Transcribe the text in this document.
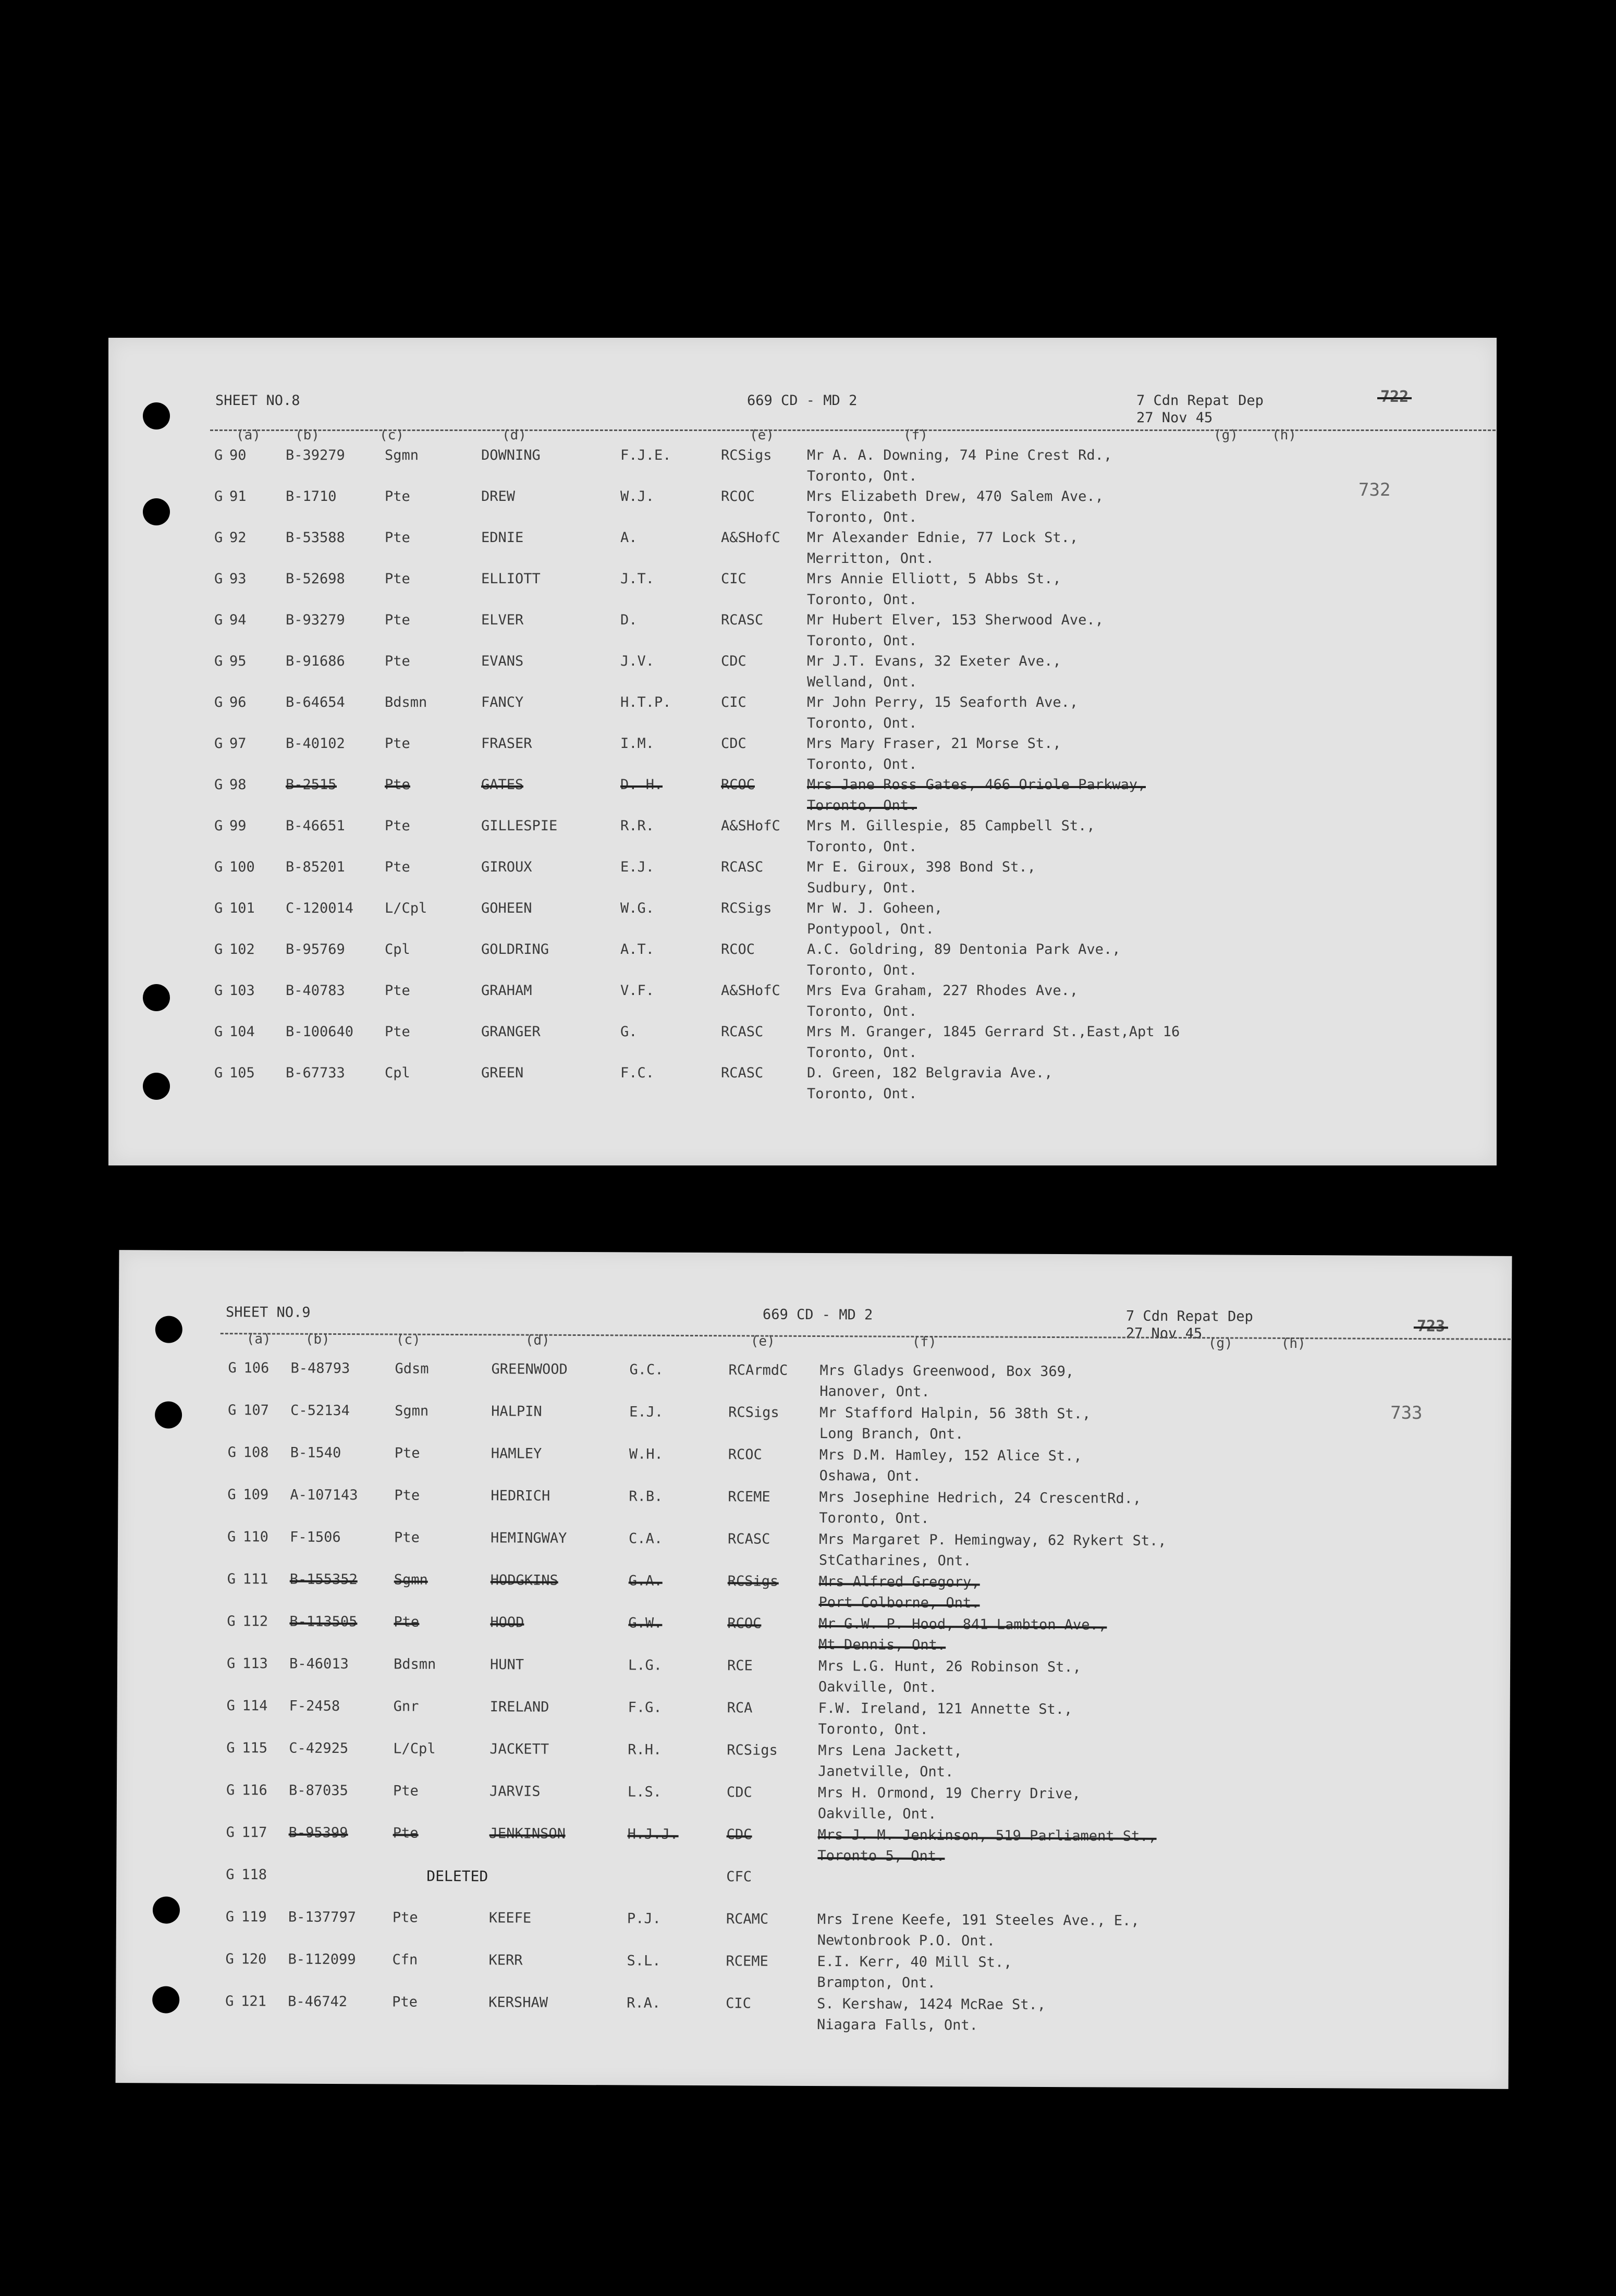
SHEET NO.8	669 CD - MD 2	7 Cdn Repat Dep
27 Nov 45
722
(a)	(b)	(c)	(d)	(e)	(f)	(g)	(h)
732
G 90	B-39279	Sgmn	DOWNING	F.J.E.	RCSigs Mr A. A. Downing, 74 Pine Crest Rd.,
Toronto, Ont.
G 91	B-1710	Pte	DREW	W.J.	RCOC	Mrs Elizabeth Drew, 470 Salem Ave.,
Toronto, Ont.
G 92	B-53588	Pte	EDNIE	A.	A&SHofC Mr Alexander Ednie, 77 Lock St.,
Merritton, Ont.
G 93	B-52698	Pte	ELLIOTT	J.T.	CIC	Mrs Annie Elliott, 5 Abbs St.,
Toronto, Ont.
G 94	B-93279	Pte	ELVER	D.	RCASC	Mr Hubert Elver, 153 Sherwood Ave.,
Toronto, Ont.
G 95	B-91686	Pte	EVANS	J.V.	CDC	Mr J.T. Evans, 32 Exeter Ave.,
Welland, Ont.
G 96	B-64654	Bdsmn	FANCY	H.T.P.	CIC	Mr John Perry, 15 Seaforth Ave.,
Toronto, Ont.
G 97	B-40102	Pte	FRASER	I.M.	CDC	Mrs Mary Fraser, 21 Morse St.,
Toronto, Ont.
G 98	B-2515	Pte	GATES	D. H.	RCOC	Mrs Jane Ross Gates, 466 Oriole Parkway,
Toronto, Ont.
G 99	B-46651	Pte	GILLESPIE	R.R.	A&SHofC Mrs M. Gillespie, 85 Campbell St.,
Toronto, Ont.
G 100 B-85201	Pte	GIROUX	E.J.	RCASC	Mr E. Giroux, 398 Bond St.,
Sudbury, Ont.
G 101 C-120014 L/Cpl	GOHEEN	W.G.	RCSigs Mr W. J. Goheen,
Pontypool, Ont.
G 102 B-95769	Cpl	GOLDRING	A.T.	RCOC	A.C. Goldring, 89 Dentonia Park Ave.,
Toronto, Ont.
G 103 B-40783	Pte	GRAHAM	V.F.	A&SHofC Mrs Eva Graham, 227 Rhodes Ave.,
Toronto, Ont.
G 104 B-100640 Pte	GRANGER	G.	RCASC	Mrs M. Granger, 1845 Gerrard St.,East,Apt 16
Toronto, Ont.
G 105 B-67733	Cpl	GREEN	F.C.	RCASC	D. Green, 182 Belgravia Ave.,
Toronto, Ont.
SHEET NO.9	669 CD - MD 2	7 Cdn Repat Dep
27 Nov 45	723
(a)	(b)	(c)	(d)	(e)	(f)	(g)	(h)
733
G 106 B-48793	Gdsm	GREENWOOD	G.C.	RCArmdC Mrs Gladys Greenwood, Box 369,
Hanover, Ont.
G 107 C-52134	Sgmn	HALPIN	E.J.	RCSigs	Mr Stafford Halpin, 56 38th St.,
Long Branch, Ont.
G 108 B-1540	Pte	HAMLEY	W.H.	RCOC	Mrs D.M. Hamley, 152 Alice St.,
Oshawa, Ont.
G 109 A-107143	Pte	HEDRICH	R.B.	RCEME	Mrs Josephine Hedrich, 24 CrescentRd.,
Toronto, Ont.
G 110 F-1506	Pte	HEMINGWAY	C.A.	RCASC	Mrs Margaret P. Hemingway, 62 Rykert St.,
StCatharines, Ont.
G 111 B-155352	Sgmn	HODGKINS	G.A.	RCSigs	Mrs Alfred Gregory,
Port Colborne, Ont.
G 112 B-113505	Pte	HOOD	G.W.	RCOC	Mr G.W. P. Hood, 841 Lambton Ave.,
Mt Dennis, Ont.
G 113 B-46013	Bdsmn	HUNT	L.G.	RCE	Mrs L.G. Hunt, 26 Robinson St.,
Oakville, Ont.
G 114 F-2458	Gnr	IRELAND	F.G.	RCA	F.W. Ireland, 121 Annette St.,
Toronto, Ont.
G 115 C-42925	L/Cpl	JACKETT	R.H.	RCSigs	Mrs Lena Jackett,
Janetville, Ont.
G 116 B-87035	Pte	JARVIS	L.S.	CDC	Mrs H. Ormond, 19 Cherry Drive,
Oakville, Ont.
G 117 B-95399	Pte	JENKINSON	H.J.J.	CDC	Mrs J. M. Jenkinson, 519 Parliament St.,
Toronto 5, Ont.
G 118	DELETED	CFC
G 119 B-137797	Pte	KEEFE	P.J.	RCAMC	Mrs Irene Keefe, 191 Steeles Ave., E.,
Newtonbrook P.O. Ont.
G 120 B-112099	Cfn	KERR	S.L.	RCEME	E.I. Kerr, 40 Mill St.,
Brampton, Ont.
G 121 B-46742	Pte	KERSHAW	R.A.	CIC	S. Kershaw, 1424 McRae St.,
Niagara Falls, Ont.
